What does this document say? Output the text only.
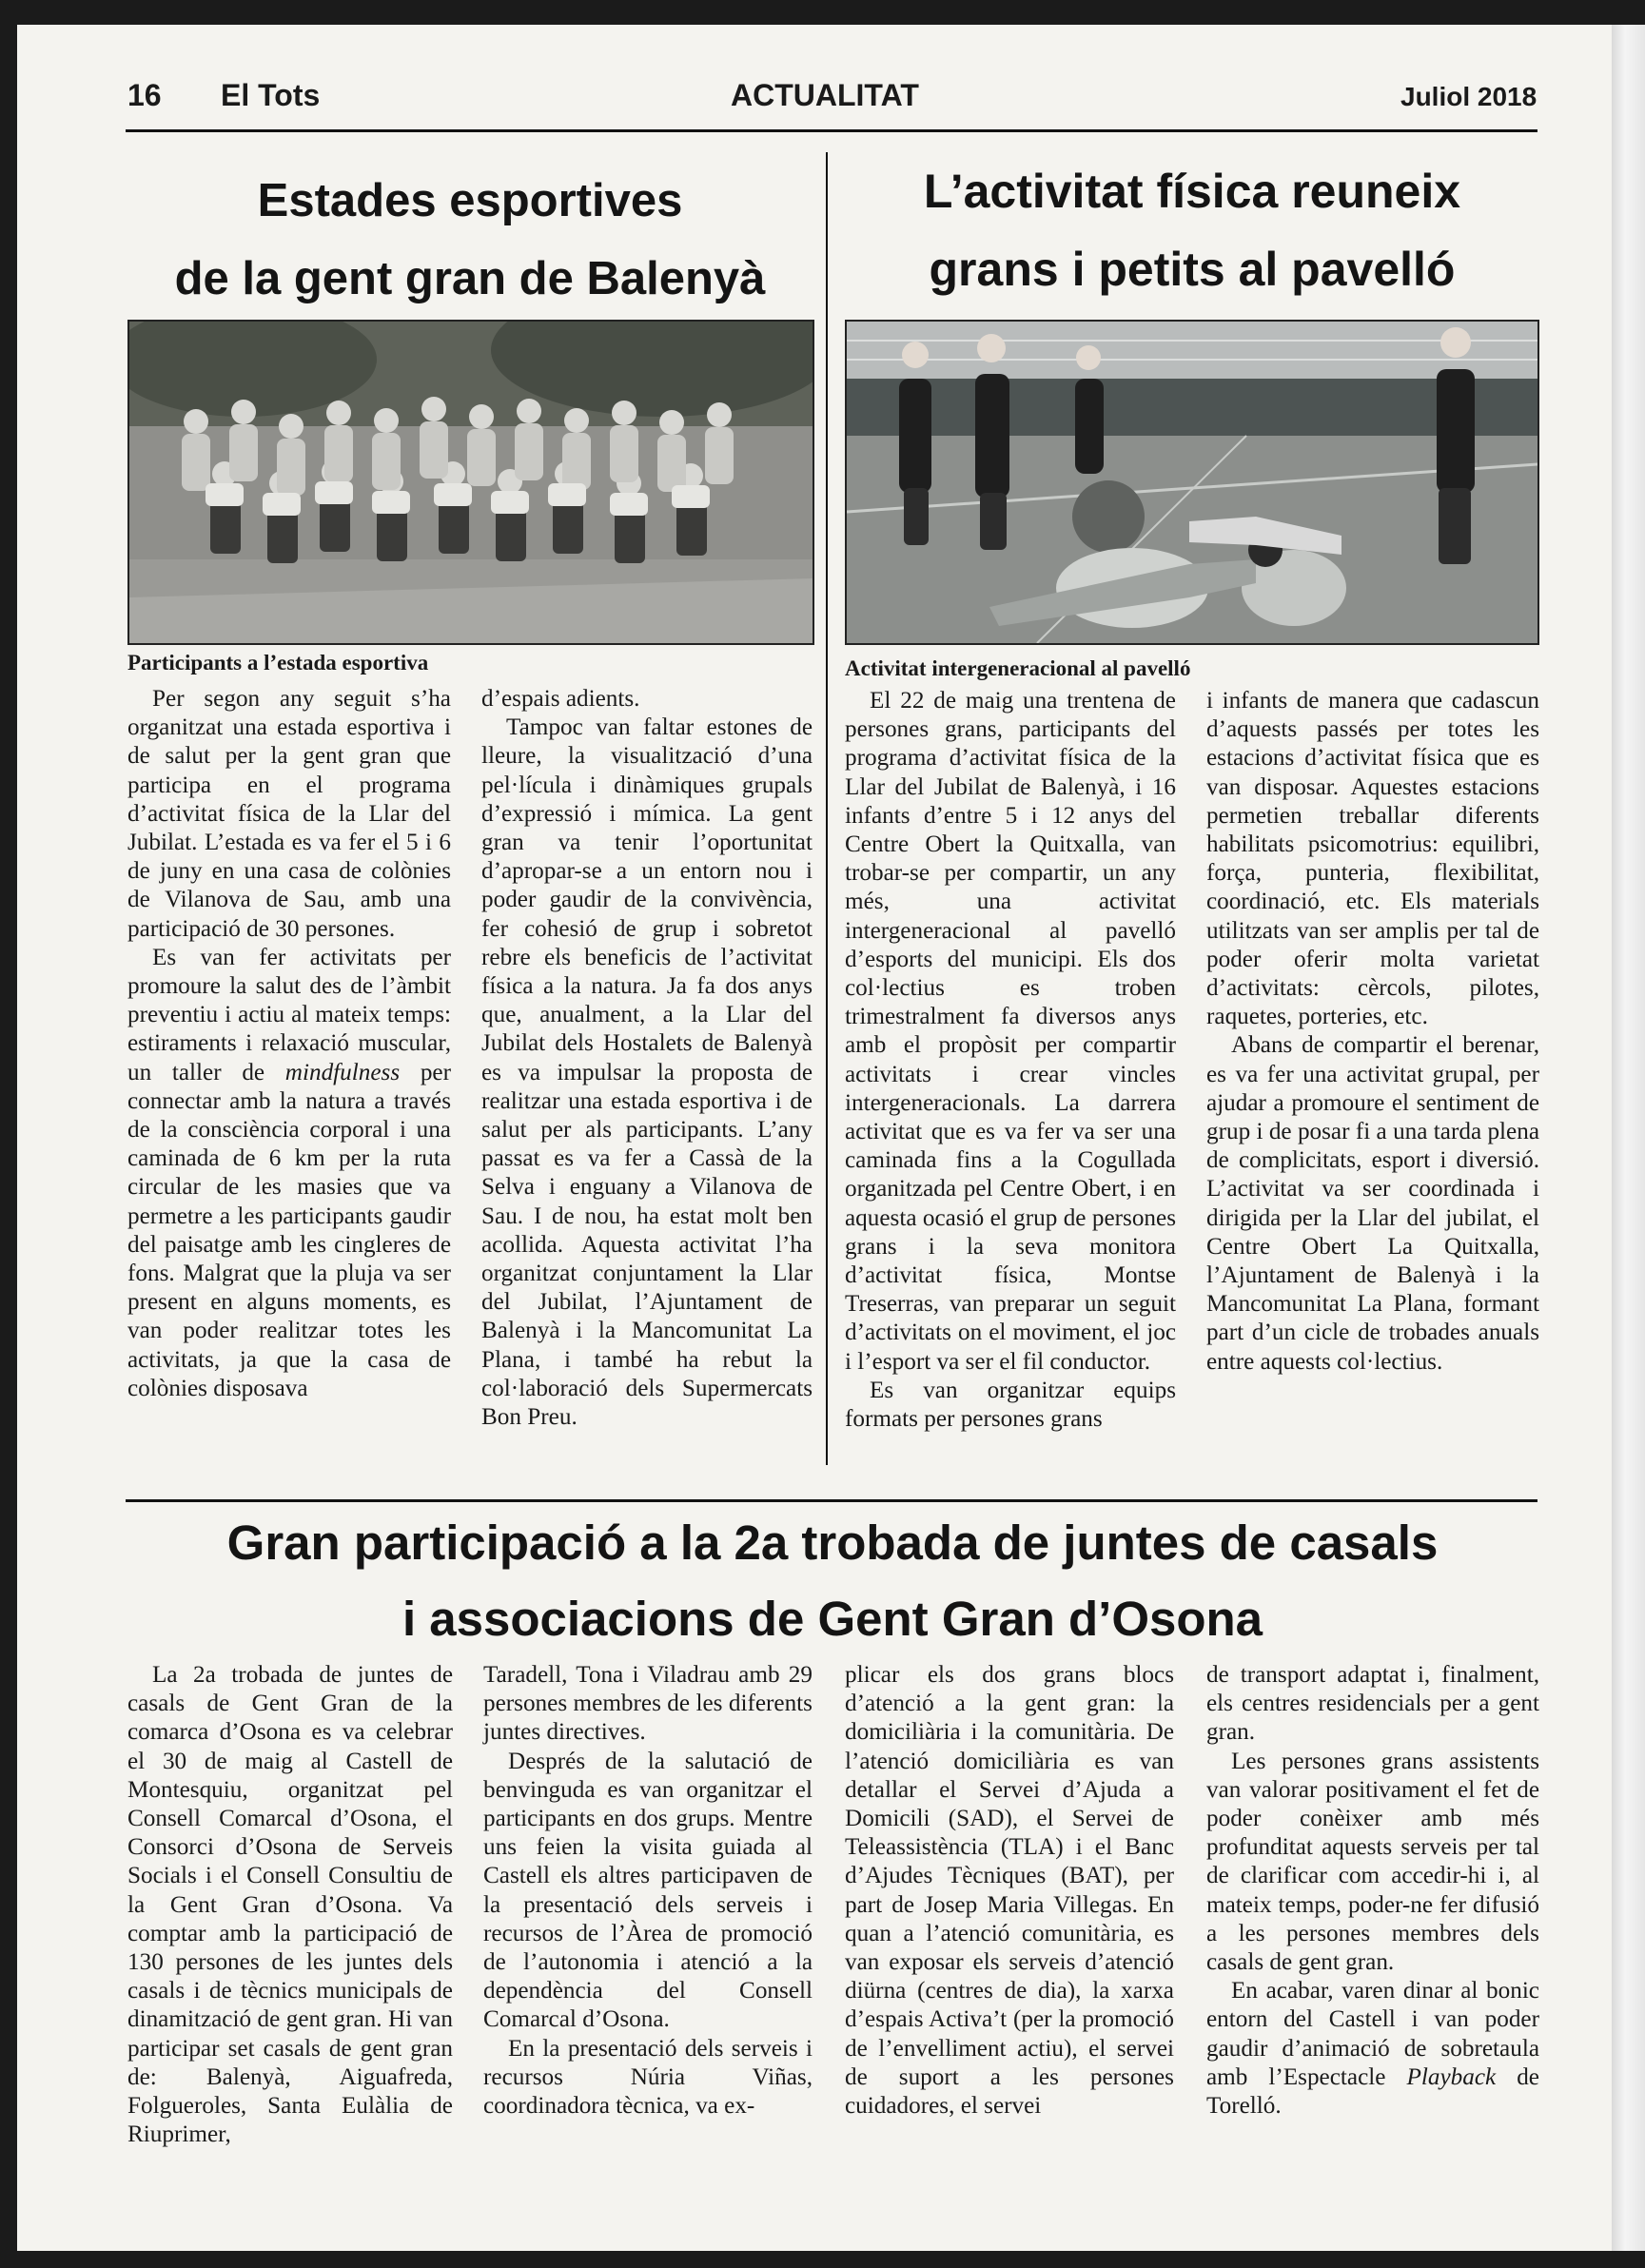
16 El Tots	ACTUALITAT	Juliol 2018
Estades esportives
de la gent gran de Balenyà

Participants a l’estada esportiva

Per segon any seguit s’ha organitzat una estada esportiva i de salut per la gent gran que participa en el programa d’activitat física de la Llar del Jubilat. L’estada es va fer el 5 i 6 de juny en una casa de colònies de Vilanova de Sau, amb una participació de 30 persones.

Es van fer activitats per promoure la salut des de l’àmbit preventiu i actiu al mateix temps: estiraments i relaxació muscular, un taller de mindfulness per connectar amb la natura a través de la consciència corporal i una caminada de 6 km per la ruta circular de les masies que va permetre a les participants gaudir del paisatge amb les cingleres de fons. Malgrat que la pluja va ser present en alguns moments, es van poder realitzar totes les activitats, ja que la casa de colònies disposava

d’espais adients.

Tampoc van faltar estones de lleure, la visualització d’una pel·lícula i dinàmiques grupals d’expressió i mímica. La gent gran va tenir l’oportunitat d’apropar-se a un entorn nou i poder gaudir de la convivència, fer cohesió de grup i sobretot rebre els beneficis de l’activitat física a la natura. Ja fa dos anys que, anualment, a la Llar del Jubilat dels Hostalets de Balenyà es va impulsar la proposta de realitzar una estada esportiva i de salut per als participants. L’any passat es va fer a Cassà de la Selva i enguany a Vilanova de Sau. I de nou, ha estat molt ben acollida. Aquesta activitat l’ha organitzat conjuntament la Llar del Jubilat, l’Ajuntament de Balenyà i la Mancomunitat La Plana, i també ha rebut la col·laboració dels Supermercats Bon Preu.

L’activitat física reuneix
grans i petits al pavelló

Activitat intergeneracional al pavelló

El 22 de maig una trentena de persones grans, participants del programa d’activitat física de la Llar del Jubilat de Balenyà, i 16 infants d’entre 5 i 12 anys del Centre Obert la Quitxalla, van trobar-se per compartir, un any més, una activitat intergeneracional al pavelló d’esports del municipi. Els dos col·lectius es troben trimestralment fa diversos anys amb el propòsit per compartir activitats i crear vincles intergeneracionals. La darrera activitat que es va fer va ser una caminada fins a la Cogullada organitzada pel Centre Obert, i en aquesta ocasió el grup de persones grans i la seva monitora d’activitat física, Montse Treserras, van preparar un seguit d’activitats on el moviment, el joc i l’esport va ser el fil conductor.

Es van organitzar equips formats per persones grans

i infants de manera que cadascun d’aquests passés per totes les estacions d’activitat física que es van disposar. Aquestes estacions permetien treballar diferents habilitats psicomotrius: equilibri, força, punteria, flexibilitat, coordinació, etc. Els materials utilitzats van ser amplis per tal de poder oferir molta varietat d’activitats: cèrcols, pilotes, raquetes, porteries, etc.

Abans de compartir el berenar, es va fer una activitat grupal, per ajudar a promoure el sentiment de grup i de posar fi a una tarda plena de complicitats, esport i diversió. L’activitat va ser coordinada i dirigida per la Llar del jubilat, el Centre Obert La Quitxalla, l’Ajuntament de Balenyà i la Mancomunitat La Plana, formant part d’un cicle de trobades anuals entre aquests col·lectius.

Gran participació a la 2a trobada de juntes de casals
i associacions de Gent Gran d’Osona

La 2a trobada de juntes de casals de Gent Gran de la comarca d’Osona es va celebrar el 30 de maig al Castell de Montesquiu, organitzat pel Consell Comarcal d’Osona, el Consorci d’Osona de Serveis Socials i el Consell Consultiu de la Gent Gran d’Osona. Va comptar amb la participació de 130 persones de les juntes dels casals i de tècnics municipals de dinamització de gent gran. Hi van participar set casals de gent gran de: Balenyà, Aiguafreda, Folgueroles, Santa Eulàlia de Riuprimer,

Taradell, Tona i Viladrau amb 29 persones membres de les diferents juntes directives.

Després de la salutació de benvinguda es van organitzar el participants en dos grups. Mentre uns feien la visita guiada al Castell els altres participaven de la presentació dels serveis i recursos de l’Àrea de promoció de l’autonomia i atenció a la dependència del Consell Comarcal d’Osona.

En la presentació dels serveis i recursos Núria Viñas, coordinadora tècnica, va ex-

plicar els dos grans blocs d’atenció a la gent gran: la domiciliària i la comunitària. De l’atenció domiciliària es van detallar el Servei d’Ajuda a Domicili (SAD), el Servei de Teleassistència (TLA) i el Banc d’Ajudes Tècniques (BAT), per part de Josep Maria Villegas. En quan a l’atenció comunitària, es van exposar els serveis d’atenció diürna (centres de dia), la xarxa d’espais Activa’t (per la promoció de l’envelliment actiu), el servei de suport a les persones cuidadores, el servei

de transport adaptat i, finalment, els centres residencials per a gent gran.

Les persones grans assistents van valorar positivament el fet de poder conèixer amb més profunditat aquests serveis per tal de clarificar com accedir-hi i, al mateix temps, poder-ne fer difusió a les persones membres dels casals de gent gran.

En acabar, varen dinar al bonic entorn del Castell i van poder gaudir d’animació de sobretaula amb l’Espectacle Playback de Torelló.
